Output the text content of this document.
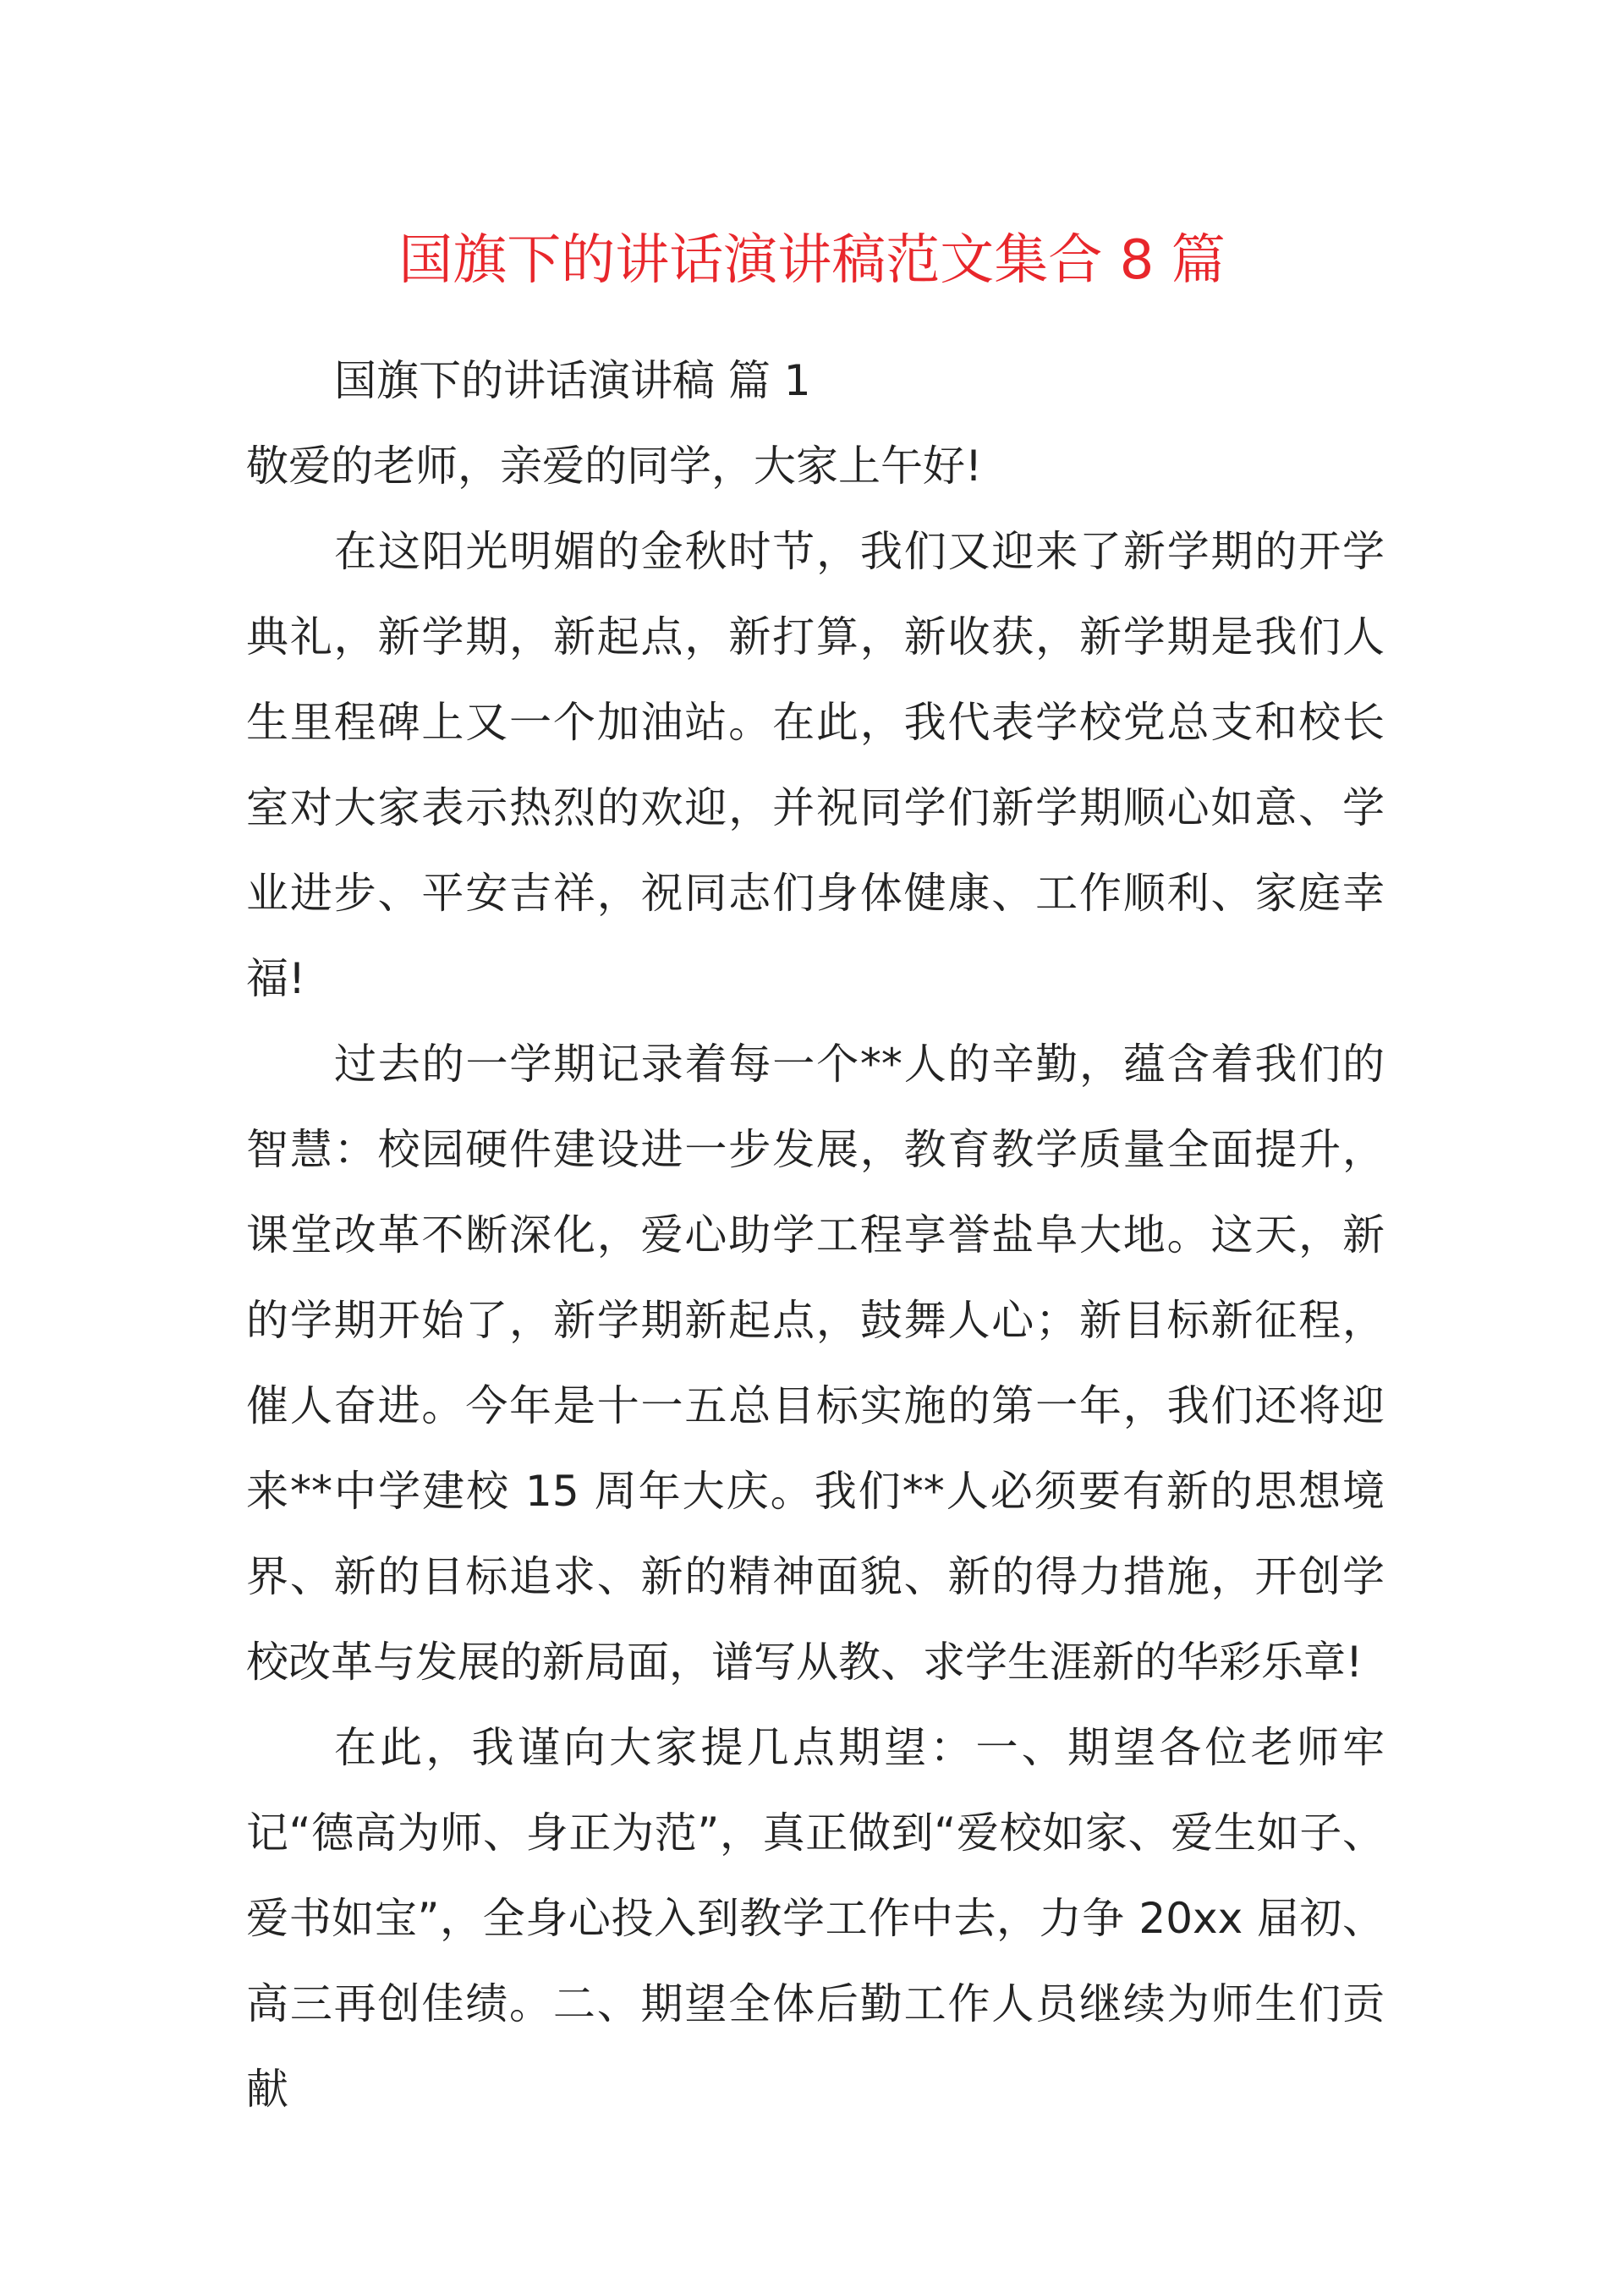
国旗下的讲话演讲稿范文集合 8 篇

国旗下的讲话演讲稿 篇 1

敬爱的老师，亲爱的同学，大家上午好!

在这阳光明媚的金秋时节，我们又迎来了新学期的开学典礼，新学期，新起点，新打算，新收获，新学期是我们人生里程碑上又一个加油站。在此，我代表学校党总支和校长室对大家表示热烈的欢迎，并祝同学们新学期顺心如意、学业进步、平安吉祥，祝同志们身体健康、工作顺利、家庭幸福!

过去的一学期记录着每一个**人的辛勤，蕴含着我们的智慧：校园硬件建设进一步发展，教育教学质量全面提升，课堂改革不断深化，爱心助学工程享誉盐阜大地。这天，新的学期开始了，新学期新起点，鼓舞人心；新目标新征程，催人奋进。今年是十一五总目标实施的第一年，我们还将迎来**中学建校 15 周年大庆。我们**人必须要有新的思想境界、新的目标追求、新的精神面貌、新的得力措施，开创学校改革与发展的新局面，谱写从教、求学生涯新的华彩乐章!

在此，我谨向大家提几点期望：一、期望各位老师牢记“德高为师、身正为范”，真正做到“爱校如家、爱生如子、爱书如宝”，全身心投入到教学工作中去，力争 20xx 届初、高三再创佳绩。二、期望全体后勤工作人员继续为师生们贡献
